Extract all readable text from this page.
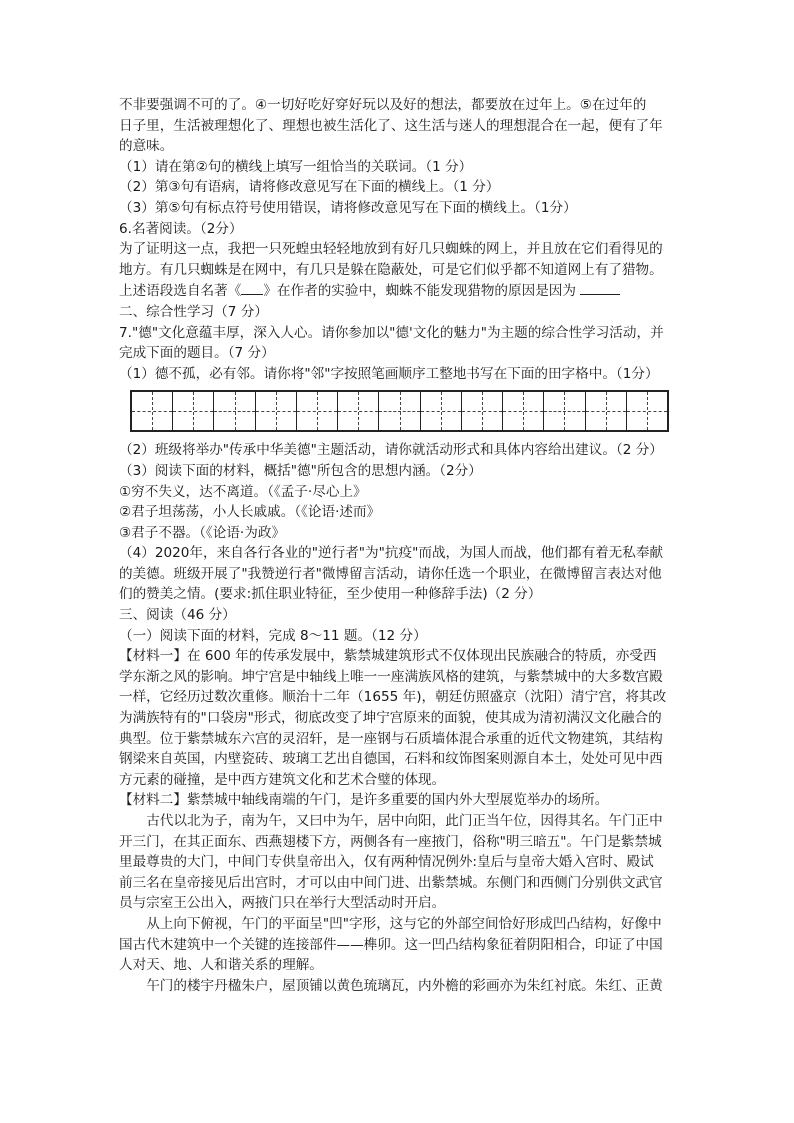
不非要强调不可的了。④一切好吃好穿好玩以及好的想法，都要放在过年上。⑤在过年的

日子里，生活被理想化了、理想也被生活化了、这生活与迷人的理想混合在一起，便有了年

的意味。

（1）请在第②句的横线上填写一组恰当的关联词。（1 分）

（2）第③句有语病，请将修改意见写在下面的横线上。（1 分）

（3）第⑤句有标点符号使用错误，请将修改意见写在下面的横线上。（1分）

6.名著阅读。（2分）

为了证明这一点，我把一只死蝗虫轻轻地放到有好几只蜘蛛的网上，并且放在它们看得见的

地方。有几只蜘蛛是在网中，有几只是躲在隐蔽处，可是它们似乎都不知道网上有了猎物。

上述语段选自名著《 》在作者的实验中，蜘蛛不能发现猎物的原因是因为

二、综合性学习（7 分）

7."德"文化意蕴丰厚，深入人心。请你参加以"德'文化的魅力"为主题的综合性学习活动，并

完成下面的题目。（7 分）

（1）德不孤，必有邻。请你将"邻"字按照笔画顺序工整地书写在下面的田字格中。（1分）

（2）班级将举办"传承中华美德"主题活动，请你就活动形式和具体内容给出建议。（2 分）

（3）阅读下面的材料，概括"德"所包含的思想内涵。（2分）

①穷不失义，达不离道。（《孟子·尽心上》

②君子坦荡荡，小人长戚戚。（《论语·述而》

③君子不器。（《论语·为政》

（4）2020年，来自各行各业的"逆行者"为"抗疫"而战，为国人而战，他们都有着无私奉献

的美德。班级开展了"我赞逆行者"微博留言活动，请你任选一个职业，在微博留言表达对他

们的赞美之情。(要求:抓住职业特征，至少使用一种修辞手法)（2 分）

三、阅读（46 分）

（一）阅读下面的材料，完成 8～11 题。（12 分）

【材料一】在 600 年的传承发展中，紫禁城建筑形式不仅体现出民族融合的特质，亦受西

学东渐之风的影响。坤宁宫是中轴线上唯一一座满族风格的建筑，与紫禁城中的大多数宫殿

一样，它经历过数次重修。顺治十二年（1655 年)，朝廷仿照盛京（沈阳）清宁宫，将其改

为满族特有的"口袋房"形式，彻底改变了坤宁宫原来的面貌，使其成为清初满汉文化融合的

典型。位于紫禁城东六宫的灵沼轩，是一座钢与石质墙体混合承重的近代文物建筑，其结构

钢梁来自英国，内壁瓷砖、玻璃工艺出自德国，石料和纹饰图案则源自本土，处处可见中西

方元素的碰撞，是中西方建筑文化和艺术合璧的体现。

【材料二】紫禁城中轴线南端的午门，是许多重要的国内外大型展览举办的场所。

古代以北为子，南为午，又曰中为午，居中向阳，此门正当午位，因得其名。午门正中

开三门，在其正面东、西燕翅楼下方，两侧各有一座掖门，俗称"明三暗五"。午门是紫禁城

里最尊贵的大门，中间门专供皇帝出入，仅有两种情况例外:皇后与皇帝大婚入宫时、殿试

前三名在皇帝接见后出宫时，才可以由中间门进、出紫禁城。东侧门和西侧门分别供文武官

员与宗室王公出入，两掖门只在举行大型活动时开启。

从上向下俯视，午门的平面呈"凹"字形，这与它的外部空间恰好形成凹凸结构，好像中

国古代木建筑中一个关键的连接部件——榫卯。这一凹凸结构象征着阴阳相合，印证了中国

人对天、地、人和谐关系的理解。

午门的楼宇丹楹朱户，屋顶铺以黄色琉璃瓦，内外檐的彩画亦为朱红衬底。朱红、正黄
